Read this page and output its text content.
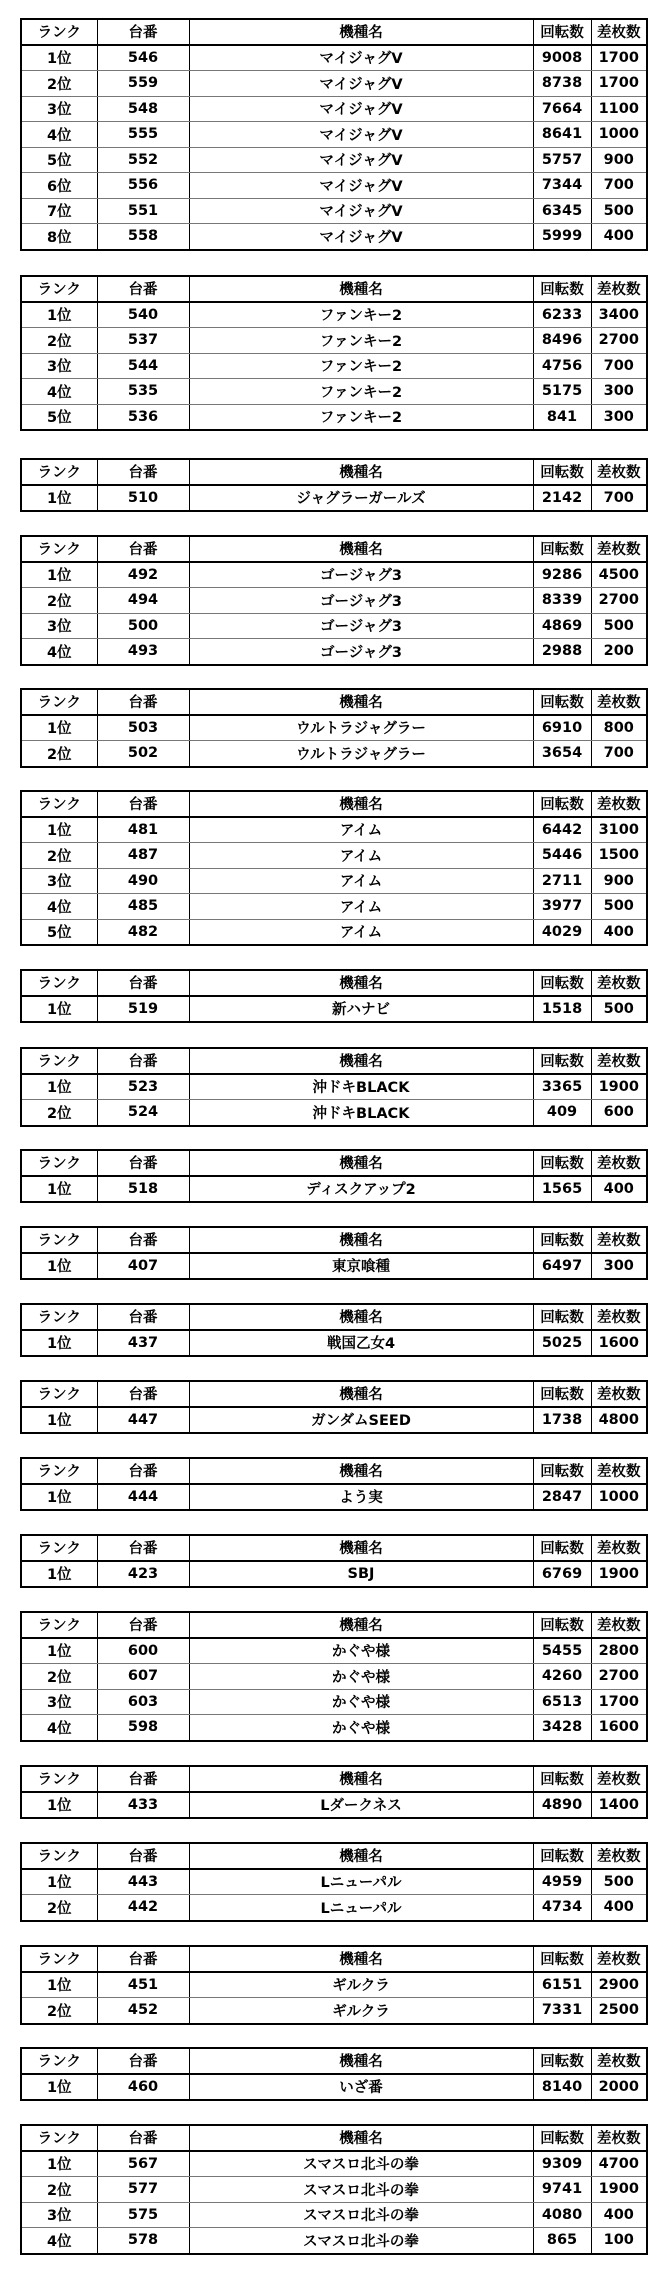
ランク	台番	機種名	回転数	差枚数
1位	546	マイジャグV	9008	1700
2位	559	マイジャグV	8738	1700
3位	548	マイジャグV	7664	1100
4位	555	マイジャグV	8641	1000
5位	552	マイジャグV	5757	900
6位	556	マイジャグV	7344	700
7位	551	マイジャグV	6345	500
8位	558	マイジャグV	5999	400
ランク	台番	機種名	回転数	差枚数
1位	540	ファンキー2	6233	3400
2位	537	ファンキー2	8496	2700
3位	544	ファンキー2	4756	700
4位	535	ファンキー2	5175	300
5位	536	ファンキー2	841	300
ランク	台番	機種名	回転数	差枚数
1位	510	ジャグラーガールズ	2142	700
ランク	台番	機種名	回転数	差枚数
1位	492	ゴージャグ3	9286	4500
2位	494	ゴージャグ3	8339	2700
3位	500	ゴージャグ3	4869	500
4位	493	ゴージャグ3	2988	200
ランク	台番	機種名	回転数	差枚数
1位	503	ウルトラジャグラー	6910	800
2位	502	ウルトラジャグラー	3654	700
ランク	台番	機種名	回転数	差枚数
1位	481	アイム	6442	3100
2位	487	アイム	5446	1500
3位	490	アイム	2711	900
4位	485	アイム	3977	500
5位	482	アイム	4029	400
ランク	台番	機種名	回転数	差枚数
1位	519	新ハナビ	1518	500
ランク	台番	機種名	回転数	差枚数
1位	523	沖ドキBLACK	3365	1900
2位	524	沖ドキBLACK	409	600
ランク	台番	機種名	回転数	差枚数
1位	518	ディスクアップ2	1565	400
ランク	台番	機種名	回転数	差枚数
1位	407	東京喰種	6497	300
ランク	台番	機種名	回転数	差枚数
1位	437	戦国乙女4	5025	1600
ランク	台番	機種名	回転数	差枚数
1位	447	ガンダムSEED	1738	4800
ランク	台番	機種名	回転数	差枚数
1位	444	よう実	2847	1000
ランク	台番	機種名	回転数	差枚数
1位	423	SBJ	6769	1900
ランク	台番	機種名	回転数	差枚数
1位	600	かぐや様	5455	2800
2位	607	かぐや様	4260	2700
3位	603	かぐや様	6513	1700
4位	598	かぐや様	3428	1600
ランク	台番	機種名	回転数	差枚数
1位	433	Lダークネス	4890	1400
ランク	台番	機種名	回転数	差枚数
1位	443	Lニューパル	4959	500
2位	442	Lニューパル	4734	400
ランク	台番	機種名	回転数	差枚数
1位	451	ギルクラ	6151	2900
2位	452	ギルクラ	7331	2500
ランク	台番	機種名	回転数	差枚数
1位	460	いざ番	8140	2000
ランク	台番	機種名	回転数	差枚数
1位	567	スマスロ北斗の拳	9309	4700
2位	577	スマスロ北斗の拳	9741	1900
3位	575	スマスロ北斗の拳	4080	400
4位	578	スマスロ北斗の拳	865	100
